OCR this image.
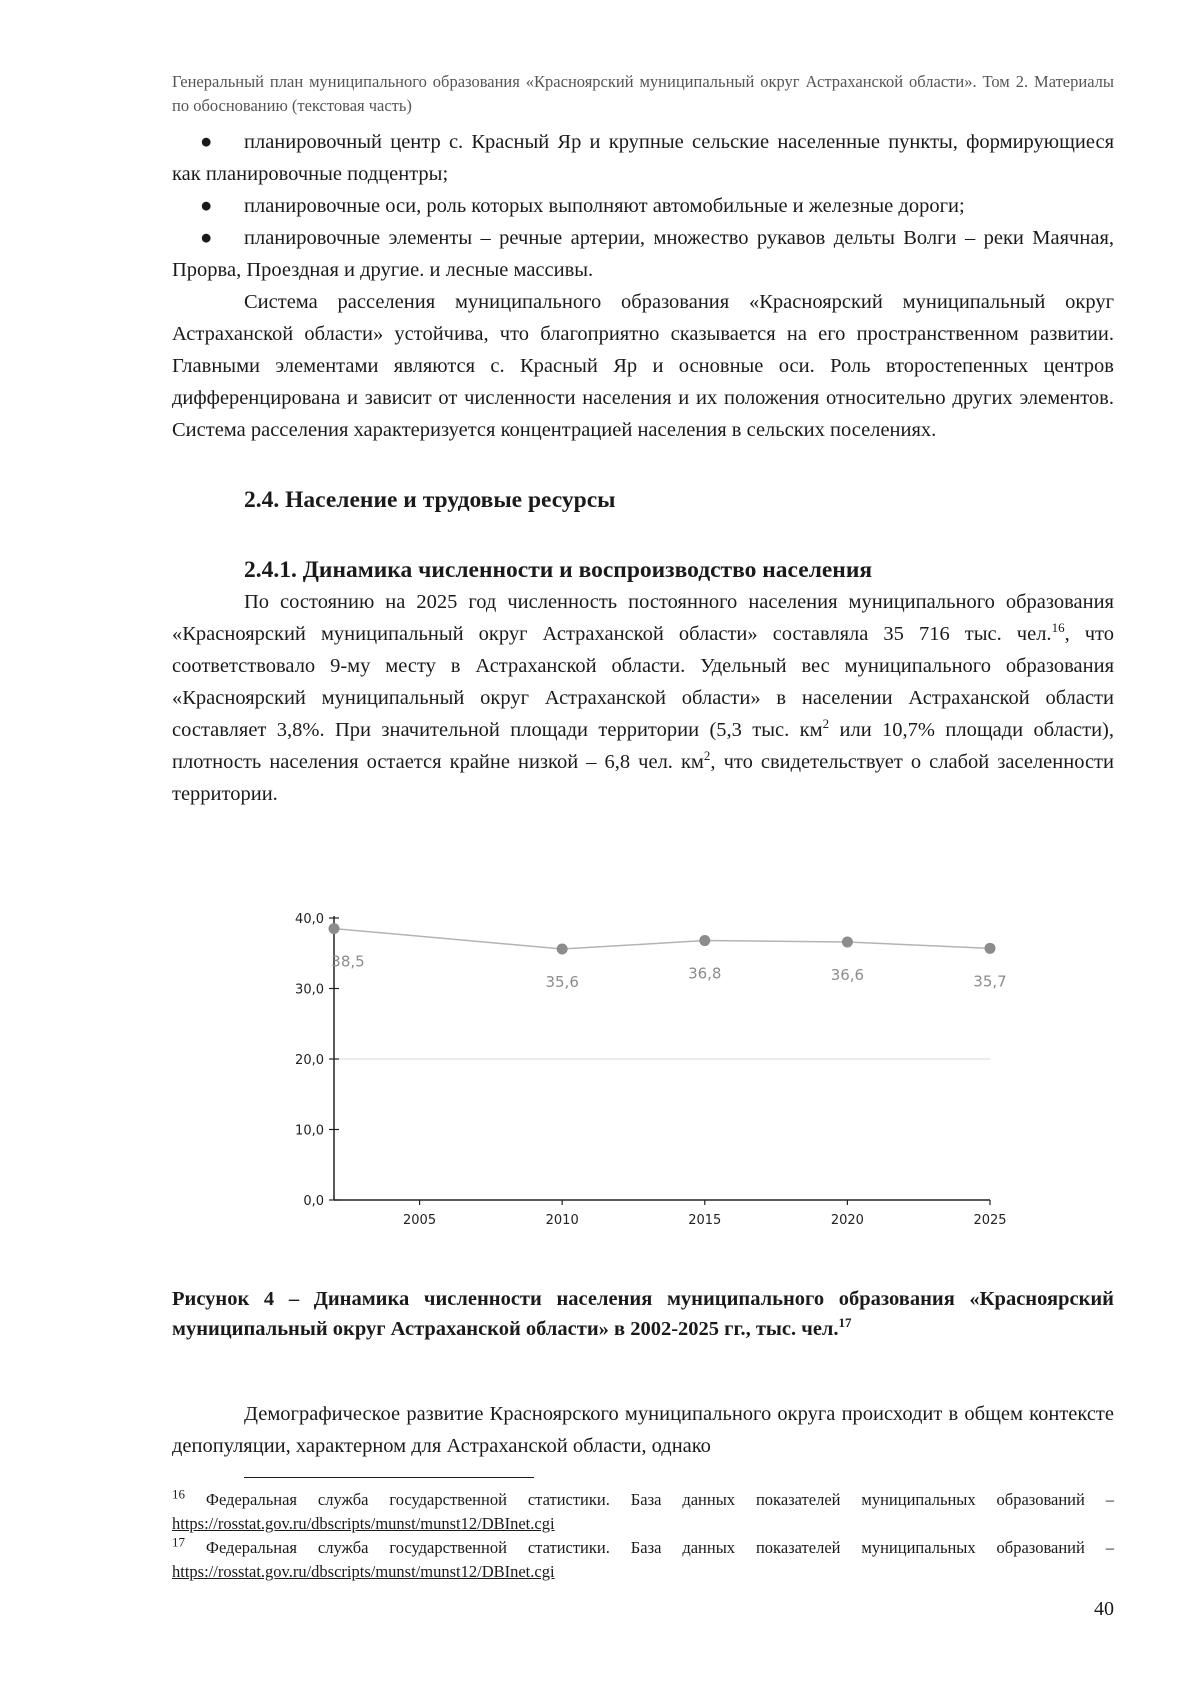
Генеральный план муниципального образования «Красноярский муниципальный округ Астраханской области». Том 2. Материалы по обоснованию (текстовая часть)

● планировочный центр с. Красный Яр и крупные сельские населенные пункты, формирующиеся как планировочные подцентры;

● планировочные оси, роль которых выполняют автомобильные и железные дороги;

● планировочные элементы – речные артерии, множество рукавов дельты Волги – реки Маячная, Прорва, Проездная и другие. и лесные массивы.

Система расселения муниципального образования «Красноярский муниципальный округ Астраханской области» устойчива, что благоприятно сказывается на его пространственном развитии. Главными элементами являются с. Красный Яр и основные оси. Роль второстепенных центров дифференцирована и зависит от численности населения и их положения относительно других элементов. Система расселения характеризуется концентрацией населения в сельских поселениях.

2.4. Население и трудовые ресурсы
2.4.1. Динамика численности и воспроизводство населения

По состоянию на 2025 год численность постоянного населения муниципального образования «Красноярский муниципальный округ Астраханской области» составляла 35 716 тыс. чел.$^{16}$, что соответствовало 9-му месту в Астраханской области. Удельный вес муниципального образования «Красноярский муниципальный округ Астраханской области» в населении Астраханской области составляет 3,8%. При значительной площади территории (5,3 тыс. $км^2$ или 10,7% площади области), плотность населения остается крайне низкой – 6,8 чел. $км^2$, что свидетельствует о слабой заселенности территории.

0,0
10,0
20,0
30,0
40,0
2005	2010	2015	2020	2025
38,5
35,6	36,8	36,6	35,7

Рисунок 4 – Динамика численности населения муниципального образования «Красноярский муниципальный округ Астраханской области» в 2002-2025 гг., тыс. чел.$^{17}$

Демографическое развитие Красноярского муниципального округа происходит в общем контексте депопуляции, характерном для Астраханской области, однако

$^{16}$ Федеральная служба государственной статистики. База данных показателей муниципальных образований – https://rosstat.gov.ru/dbscripts/munst/munst12/DBInet.cgi

$^{17}$ Федеральная служба государственной статистики. База данных показателей муниципальных образований – https://rosstat.gov.ru/dbscripts/munst/munst12/DBInet.cgi

40
